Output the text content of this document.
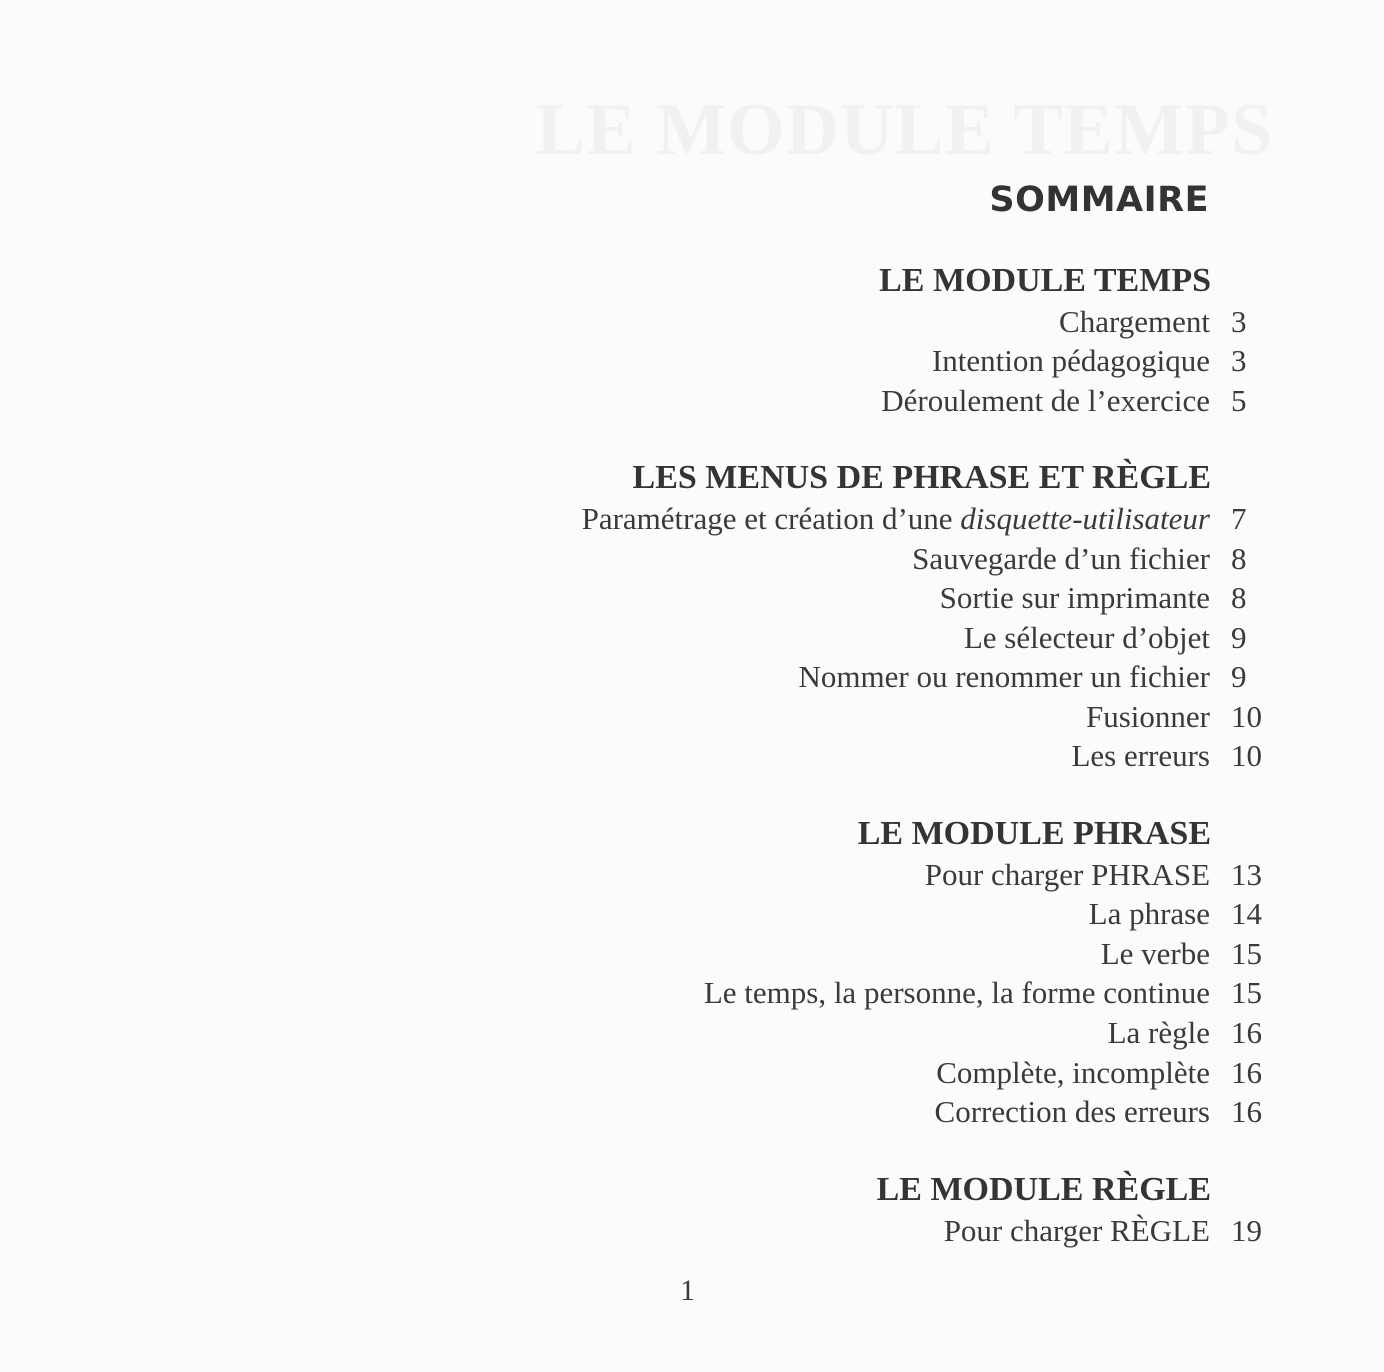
LE MODULE TEMPS
SOMMAIRE
LE MODULE TEMPS
Chargement 3
Intention pédagogique 3
Déroulement de l’exercice 5
LES MENUS DE PHRASE ET RÈGLE
Paramétrage et création d’une disquette-utilisateur 7
Sauvegarde d’un fichier 8
Sortie sur imprimante 8
Le sélecteur d’objet 9
Nommer ou renommer un fichier 9
Fusionner 10
Les erreurs 10
LE MODULE PHRASE
Pour charger PHRASE 13
La phrase 14
Le verbe 15
Le temps, la personne, la forme continue 15
La règle 16
Complète, incomplète 16
Correction des erreurs 16
LE MODULE RÈGLE
Pour charger RÈGLE 19
1
